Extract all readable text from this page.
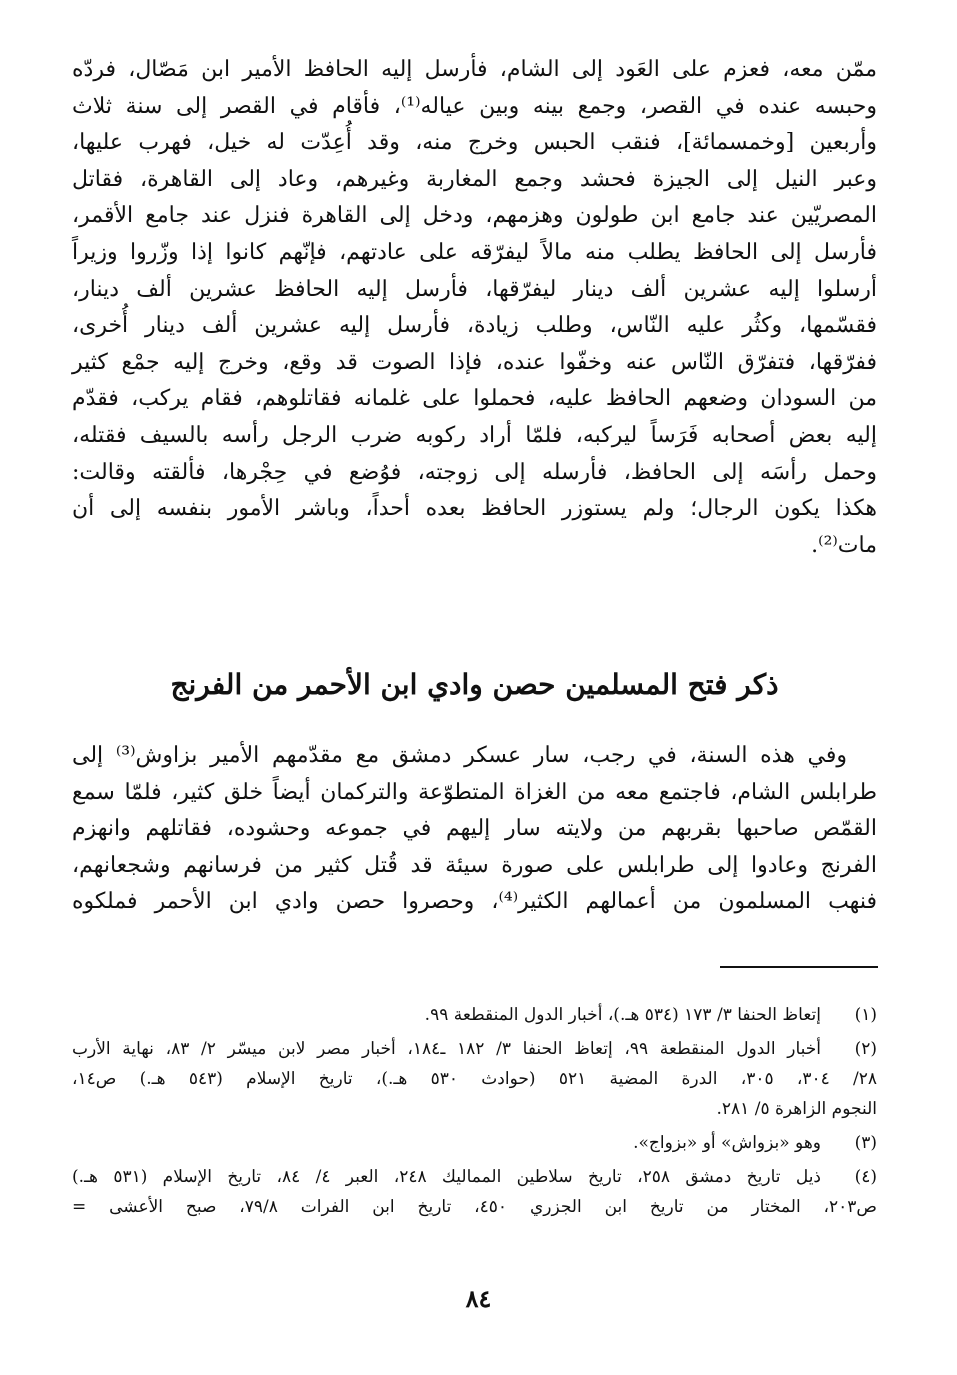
ممّن معه، فعزم على العَود إلى الشام، فأرسل إليه الحافظ الأمير ابن مَصّال، فردّه
وحبسه عنده في القصر، وجمع بينه وبين عياله⁽¹⁾، فأقام في القصر إلى سنة ثلاث
وأربعين [وخمسمائة]، فنقب الحبس وخرج منه، وقد أُعِدّت له خيل، فهرب عليها،
وعبر النيل إلى الجيزة فحشد وجمع المغاربة وغيرهم، وعاد إلى القاهرة، فقاتل
المصريّين عند جامع ابن طولون وهزمهم، ودخل إلى القاهرة فنزل عند جامع الأقمر،
فأرسل إلى الحافظ يطلب منه مالاً ليفرّقه على عادتهم، فإنّهم كانوا إذا وزّروا وزيراً
أرسلوا إليه عشرين ألف دينار ليفرّقها، فأرسل إليه الحافظ عشرين ألف دينار،
فقسّمها، وكثُر عليه النّاس، وطلب زيادة، فأرسل إليه عشرين ألف دينار أُخرى،
ففرّقها، فتفرّق النّاس عنه وخفّوا عنده، فإذا الصوت قد وقع، وخرج إليه جمْع كثير
من السودان وضعهم الحافظ عليه، فحملوا على غلمانه فقاتلوهم، فقام يركب، فقدّم
إليه بعض أصحابه فَرَساً ليركبه، فلمّا أراد ركوبه ضرب الرجل رأسه بالسيف فقتله،
وحمل رأسَه إلى الحافظ، فأرسله إلى زوجته، فوُضع في حِجْرها، فألقته وقالت:
هكذا يكون الرجال؛ ولم يستوزر الحافظ بعده أحداً، وباشر الأمور بنفسه إلى أن
مات⁽²⁾.
ذكر فتح المسلمين حصن وادي ابن الأحمر من الفرنج
وفي هذه السنة، في رجب، سار عسكر دمشق مع مقدّمهم الأمير بزاوش⁽³⁾ إلى
طرابلس الشام، فاجتمع معه من الغزاة المتطوّعة والتركمان أيضاً خلق كثير، فلمّا سمع
القمّص صاحبها بقربهم من ولايته سار إليهم في جموعه وحشوده، فقاتلهم وانهزم
الفرنج وعادوا إلى طرابلس على صورة سيئة قد قُتل كثير من فرسانهم وشجعانهم،
فنهب المسلمون من أعمالهم الكثير⁽⁴⁾، وحصروا حصن وادي ابن الأحمر فملكوه
(١)
إتعاظ الحنفا ٣/ ١٧٣ (٥٣٤ هـ.)، أخبار الدول المنقطعة ٩٩.
(٢)
أخبار الدول المنقطعة ٩٩، إتعاظ الحنفا ٣/ ١٨٢ ـ١٨٤، أخبار مصر لابن ميسّر ٢/ ٨٣، نهاية الأرب
٢٨/ ٣٠٤، ٣٠٥، الدرة المضية ٥٢١ (حوادث ٥٣٠ هـ.)، تاريخ الإسلام (٥٤٣ هـ.) ص١٤،
النجوم الزاهرة ٥/ ٢٨١.
(٣)
وهو «بزواش» أو «بزواج».
(٤)
ذيل تاريخ دمشق ٢٥٨، تاريخ سلاطين المماليك ٢٤٨، العبر ٤/ ٨٤، تاريخ الإسلام (٥٣١ هـ.)
ص٢٠٣، المختار من تاريخ ابن الجزري ٤٥٠، تاريخ ابن الفرات ٧٩/٨، صبح الأعشى =
٨٤
